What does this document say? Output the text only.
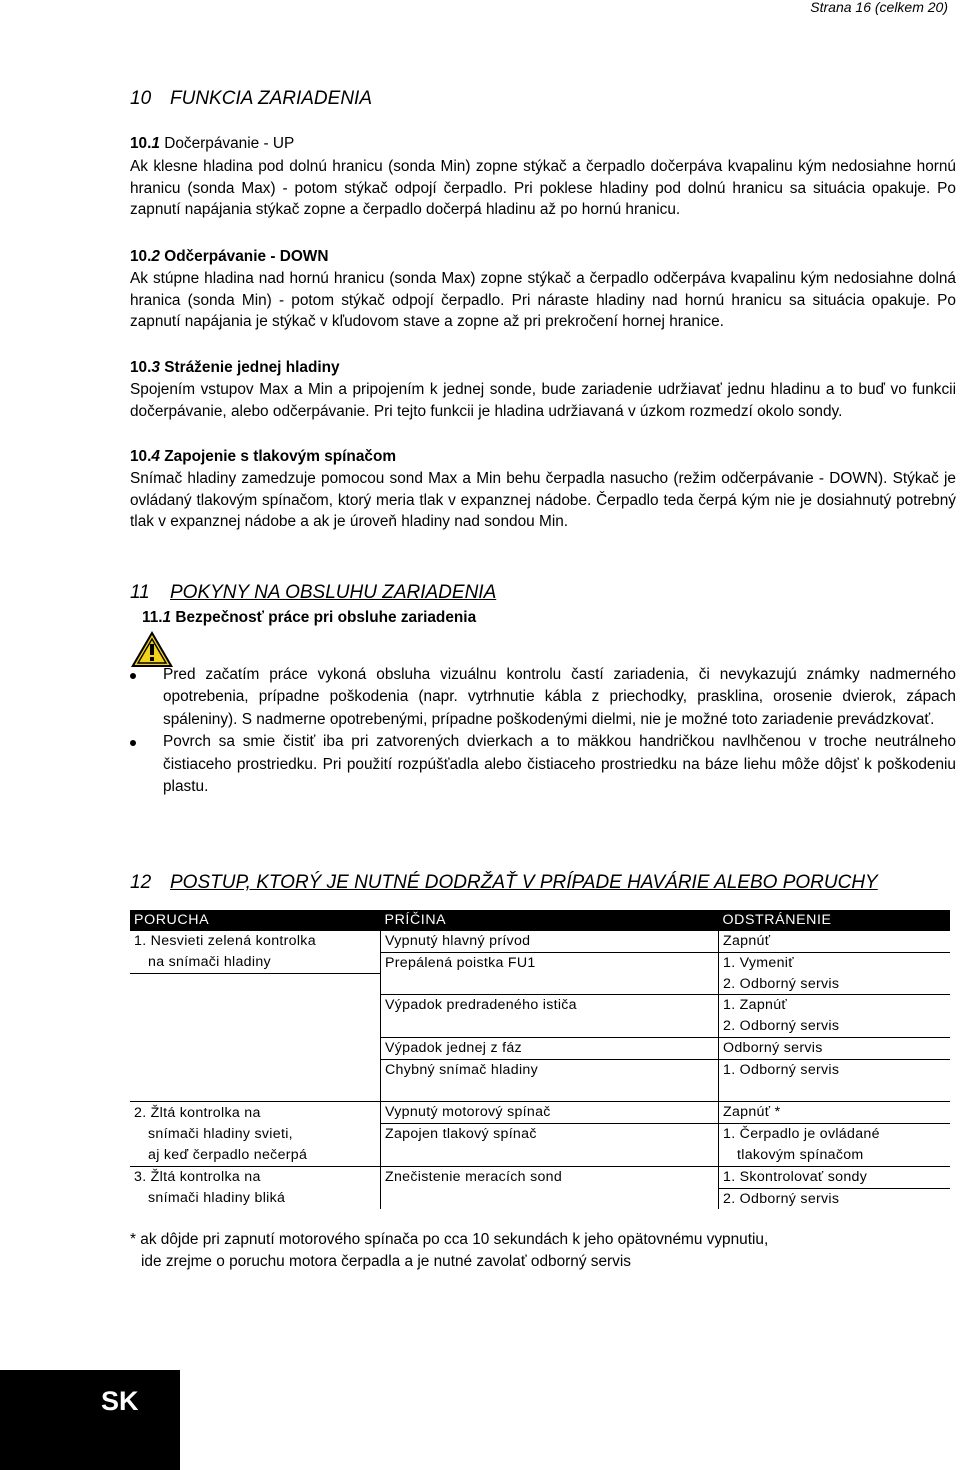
Strana 16 (celkem 20)
10 FUNKCIA ZARIADENIA
10.1 Dočerpávanie - UP

Ak klesne hladina pod dolnú hranicu (sonda Min) zopne stýkač a čerpadlo dočerpáva kvapalinu kým nedosiahne hornú hranicu (sonda Max) - potom stýkač odpojí čerpadlo. Pri poklese hladiny pod dolnú hranicu sa situácia opakuje. Po zapnutí napájania stýkač zopne a čerpadlo dočerpá hladinu až po hornú hranicu.

10.2 Odčerpávanie - DOWN

Ak stúpne hladina nad hornú hranicu (sonda Max) zopne stýkač a čerpadlo odčerpáva kvapalinu kým nedosiahne dolná hranica (sonda Min) - potom stýkač odpojí čerpadlo. Pri náraste hladiny nad hornú hranicu sa situácia opakuje. Po zapnutí napájania je stýkač v kľudovom stave a zopne až pri prekročení hornej hranice.

10.3 Stráženie jednej hladiny

Spojením vstupov Max a Min a pripojením k jednej sonde, bude zariadenie udržiavať jednu hladinu a to buď vo funkcii dočerpávanie, alebo odčerpávanie. Pri tejto funkcii je hladina udržiavaná v úzkom rozmedzí okolo sondy.

10.4 Zapojenie s tlakovým spínačom

Snímač hladiny zamedzuje pomocou sond Max a Min behu čerpadla nasucho (režim odčerpávanie - DOWN). Stýkač je ovládaný tlakovým spínačom, ktorý meria tlak v expanznej nádobe. Čerpadlo teda čerpá kým nie je dosiahnutý potrebný tlak v expanznej nádobe a ak je úroveň hladiny nad sondou Min.

11 POKYNY NA OBSLUHU ZARIADENIA
11.1 Bezpečnosť práce pri obsluhe zariadenia
Pred začatím práce vykoná obsluha vizuálnu kontrolu častí zariadenia, či nevykazujú známky nadmerného opotrebenia, prípadne poškodenia (napr. vytrhnutie kábla z priechodky, prasklina, orosenie dvierok, zápach spáleniny). S nadmerne opotrebenými, prípadne poškodenými dielmi, nie je možné toto zariadenie prevádzkovať.
Povrch sa smie čistiť iba pri zatvorených dvierkach a to mäkkou handričkou navlhčenou v troche neutrálneho čistiaceho prostriedku. Pri použití rozpúšťadla alebo čistiaceho prostriedku na báze liehu môže dôjsť k poškodeniu plastu.
12 POSTUP, KTORÝ JE NUTNÉ DODRŽAŤ V PRÍPADE HAVÁRIE ALEBO PORUCHY
PORUCHA	PRÍČINA	ODSTRÁNENIE
1. Nesvieti zelená kontrolka	Vypnutý hlavný prívod	Zapnúť
na snímači hladiny	Prepálená poistka FU1	1. Vymeniť
		2. Odborný servis
	Výpadok predradeného ističa	1. Zapnúť
		2. Odborný servis
	Výpadok jednej z fáz	Odborný servis
	Chybný snímač hladiny	1. Odborný servis

2. Žltá kontrolka na	Vypnutý motorový spínač	Zapnúť *
snímači hladiny svieti,	Zapojen tlakový spínač	1. Čerpadlo je ovládané
aj keď čerpadlo nečerpá		tlakovým spínačom
3. Žltá kontrolka na	Znečistenie meracích sond	1. Skontrolovať sondy
snímači hladiny bliká		2. Odborný servis
* ak dôjde pri zapnutí motorového spínača po cca 10 sekundách k jeho opätovnému vypnutiu,
ide zrejme o poruchu motora čerpadla a je nutné zavolať odborný servis
SK
